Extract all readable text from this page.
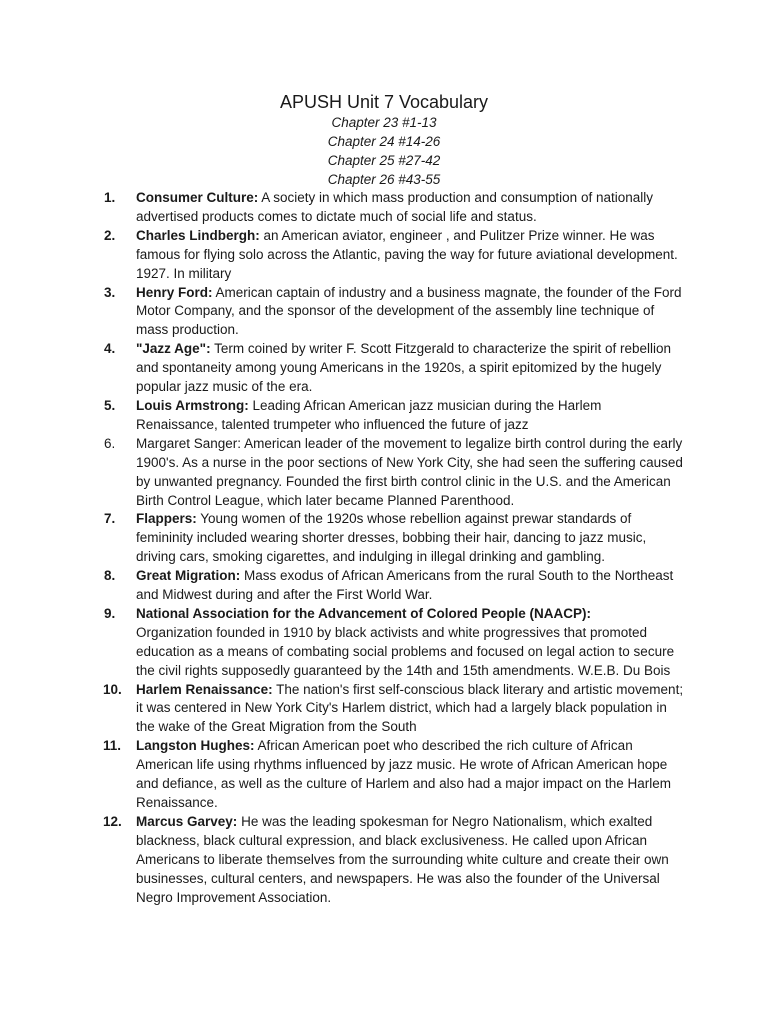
APUSH Unit 7 Vocabulary
Chapter 23 #1-13
Chapter 24 #14-26
Chapter 25 #27-42
Chapter 26 #43-55
1.	Consumer Culture: A society in which mass production and consumption of nationally advertised products comes to dictate much of social life and status.
2.	Charles Lindbergh: an American aviator, engineer , and Pulitzer Prize winner. He was famous for flying solo across the Atlantic, paving the way for future aviational development. 1927. In military
3.	Henry Ford: American captain of industry and a business magnate, the founder of the Ford Motor Company, and the sponsor of the development of the assembly line technique of mass production.
4.	"Jazz Age": Term coined by writer F. Scott Fitzgerald to characterize the spirit of rebellion and spontaneity among young Americans in the 1920s, a spirit epitomized by the hugely popular jazz music of the era.
5.	Louis Armstrong: Leading African American jazz musician during the Harlem Renaissance, talented trumpeter who influenced the future of jazz
6.	Margaret Sanger: American leader of the movement to legalize birth control during the early 1900's. As a nurse in the poor sections of New York City, she had seen the suffering caused by unwanted pregnancy. Founded the first birth control clinic in the U.S. and the American Birth Control League, which later became Planned Parenthood.
7.	Flappers: Young women of the 1920s whose rebellion against prewar standards of femininity included wearing shorter dresses, bobbing their hair, dancing to jazz music, driving cars, smoking cigarettes, and indulging in illegal drinking and gambling.
8.	Great Migration: Mass exodus of African Americans from the rural South to the Northeast and Midwest during and after the First World War.
9.	National Association for the Advancement of Colored People (NAACP):
Organization founded in 1910 by black activists and white progressives that promoted education as a means of combating social problems and focused on legal action to secure the civil rights supposedly guaranteed by the 14th and 15th amendments. W.E.B. Du Bois
10.	Harlem Renaissance: The nation's first self-conscious black literary and artistic movement; it was centered in New York City's Harlem district, which had a largely black population in the wake of the Great Migration from the South
11.	Langston Hughes: African American poet who described the rich culture of African American life using rhythms influenced by jazz music. He wrote of African American hope and defiance, as well as the culture of Harlem and also had a major impact on the Harlem Renaissance.
12.	Marcus Garvey: He was the leading spokesman for Negro Nationalism, which exalted blackness, black cultural expression, and black exclusiveness. He called upon African Americans to liberate themselves from the surrounding white culture and create their own businesses, cultural centers, and newspapers. He was also the founder of the Universal Negro Improvement Association.
